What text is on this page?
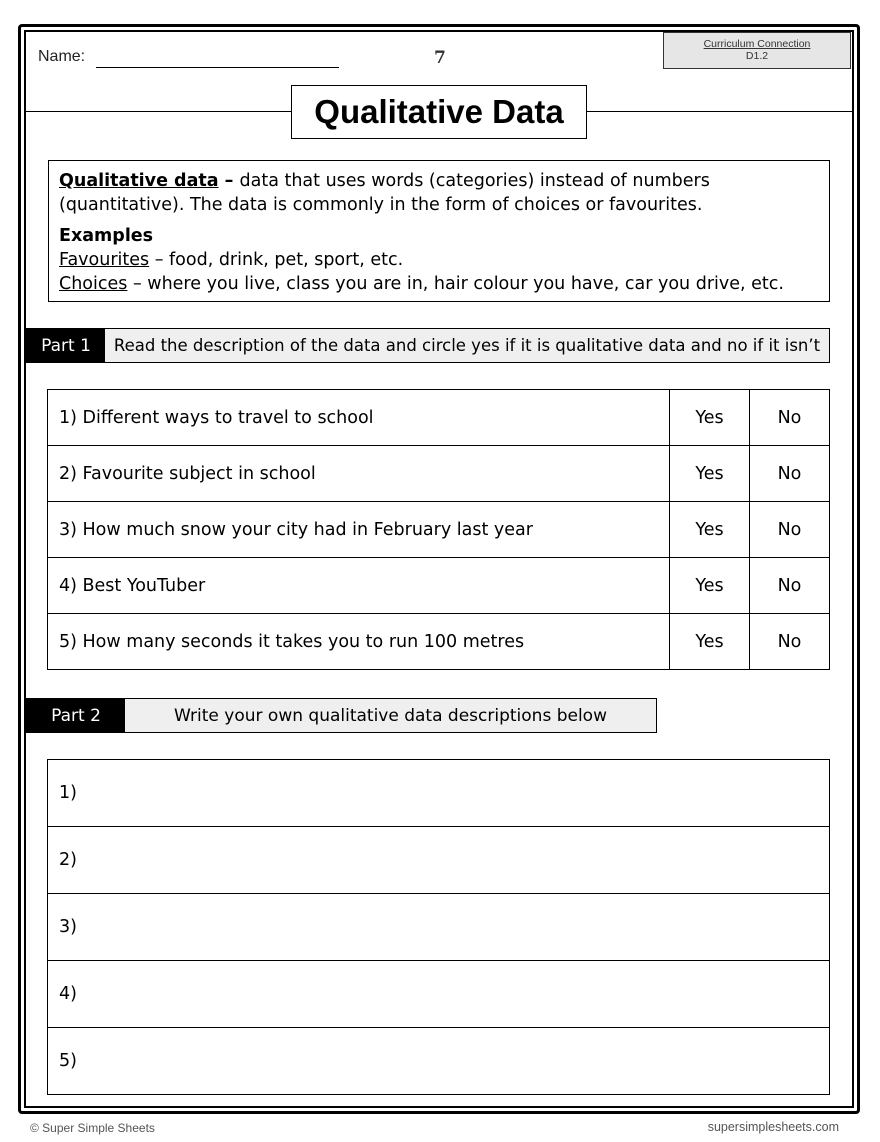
Name:	7
Curriculum Connection
D1.2
Qualitative Data
Qualitative data – data that uses words (categories) instead of numbers (quantitative). The data is commonly in the form of choices or favourites.
Examples
Favourites – food, drink, pet, sport, etc.
Choices – where you live, class you are in, hair colour you have, car you drive, etc.
Part 1	Read the description of the data and circle yes if it is qualitative data and no if it isn’t
1) Different ways to travel to school	Yes	No
2) Favourite subject in school	Yes	No
3) How much snow your city had in February last year	Yes	No
4) Best YouTuber	Yes	No
5) How many seconds it takes you to run 100 metres	Yes	No
Part 2	Write your own qualitative data descriptions below
1)
2)
3)
4)
5)
© Super Simple Sheets	supersimplesheets.com
